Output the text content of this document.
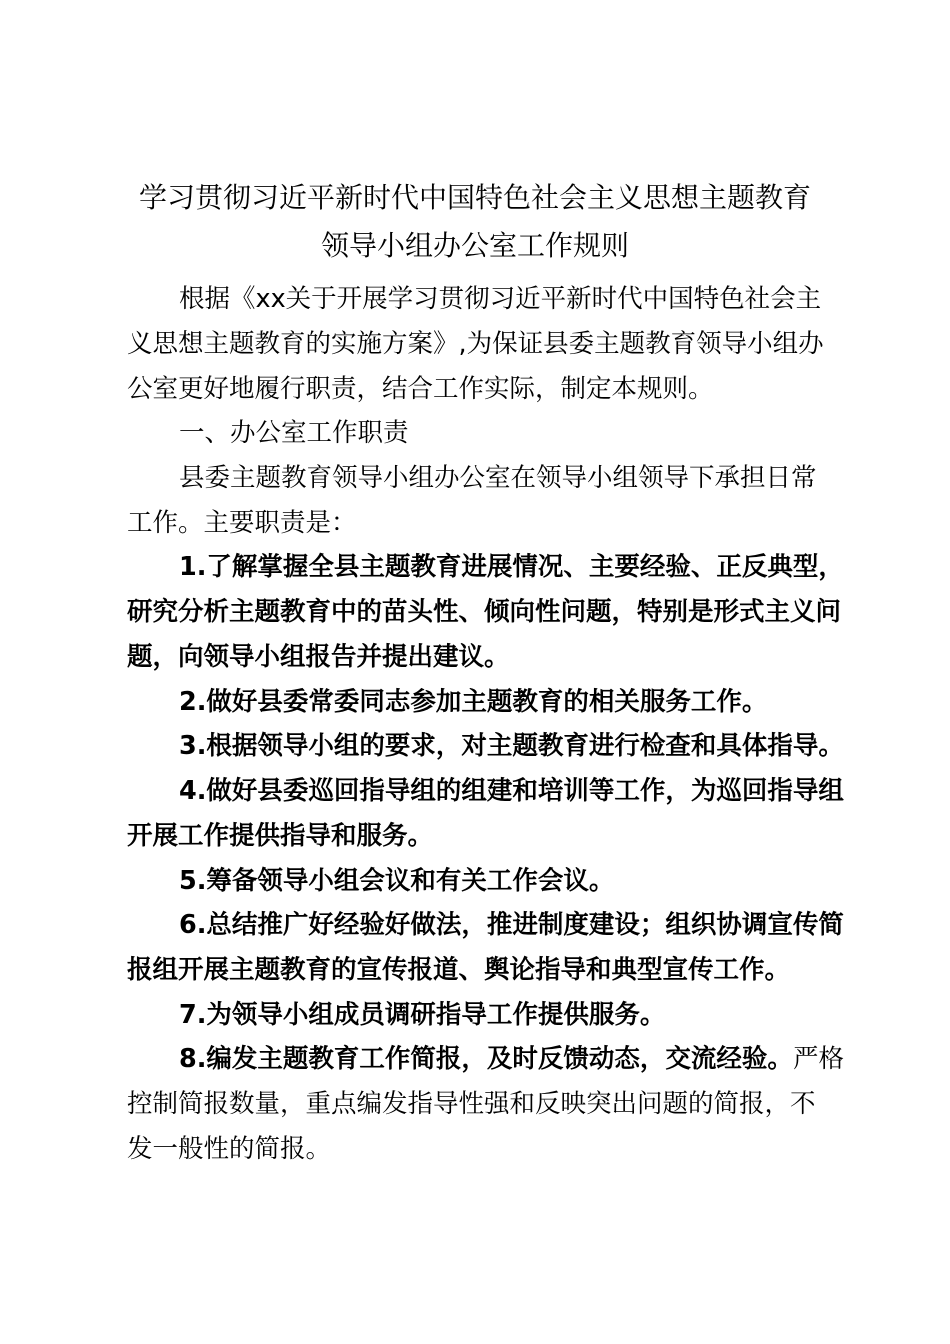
学习贯彻习近平新时代中国特色社会主义思想主题教育
领导小组办公室工作规则
根据《xx关于开展学习贯彻习近平新时代中国特色社会主
义思想主题教育的实施方案》,为保证县委主题教育领导小组办
公室更好地履行职责，结合工作实际，制定本规则。
一、办公室工作职责
县委主题教育领导小组办公室在领导小组领导下承担日常
工作。主要职责是：
1.了解掌握全县主题教育进展情况、主要经验、正反典型，
研究分析主题教育中的苗头性、倾向性问题，特别是形式主义问
题，向领导小组报告并提出建议。
2.做好县委常委同志参加主题教育的相关服务工作。
3.根据领导小组的要求，对主题教育进行检查和具体指导。
4.做好县委巡回指导组的组建和培训等工作，为巡回指导组
开展工作提供指导和服务。
5.筹备领导小组会议和有关工作会议。
6.总结推广好经验好做法，推进制度建设；组织协调宣传简
报组开展主题教育的宣传报道、舆论指导和典型宣传工作。
7.为领导小组成员调研指导工作提供服务。
8.编发主题教育工作简报，及时反馈动态，交流经验。严格
控制简报数量，重点编发指导性强和反映突出问题的简报，不
发一般性的简报。
